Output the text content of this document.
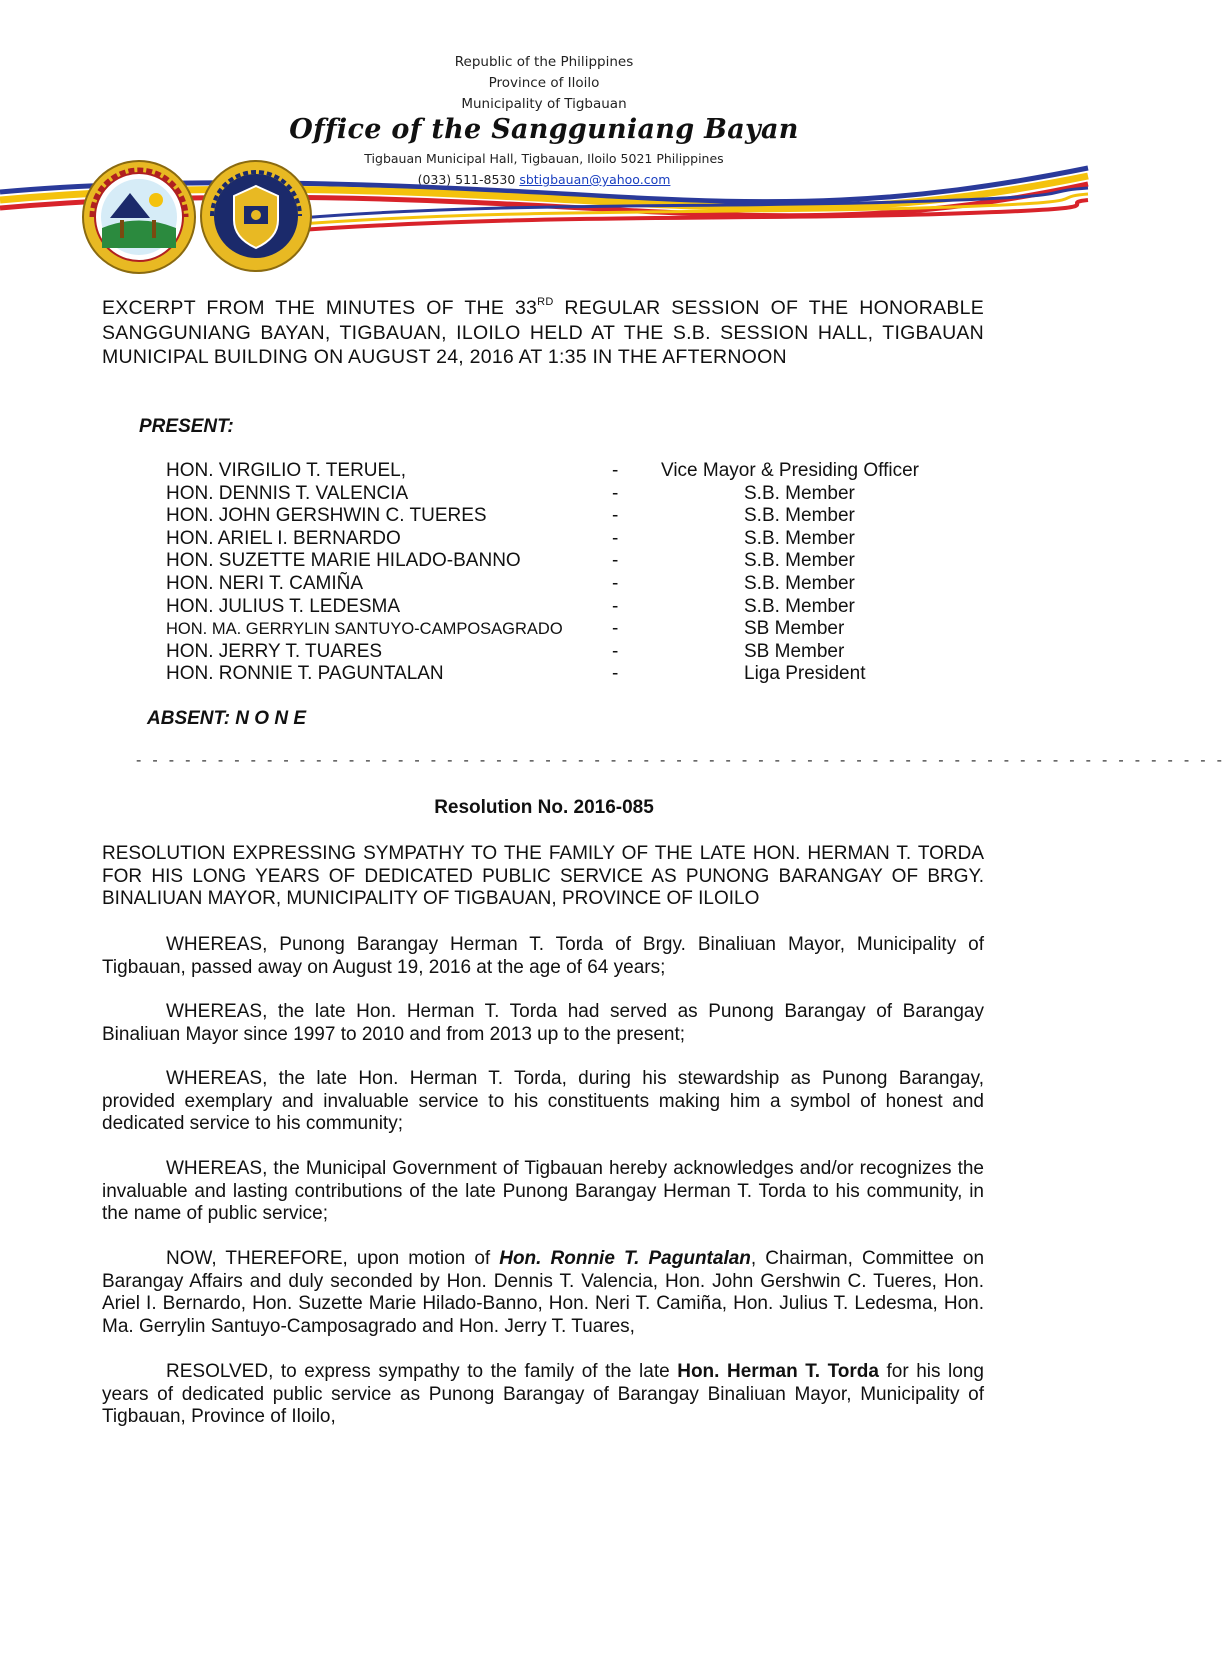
Republic of the Philippines
Province of Iloilo
Municipality of Tigbauan
Office of the Sangguniang Bayan
Tigbauan Municipal Hall, Tigbauan, Iloilo 5021 Philippines
(033) 511-8530 sbtigbauan@yahoo.com
EXCERPT FROM THE MINUTES OF THE 33RD REGULAR SESSION OF THE HONORABLE SANGGUNIANG BAYAN, TIGBAUAN, ILOILO HELD AT THE S.B. SESSION HALL, TIGBAUAN MUNICIPAL BUILDING ON AUGUST 24, 2016 AT 1:35 IN THE AFTERNOON
PRESENT:
HON. VIRGILIO T. TERUEL,	- Vice Mayor & Presiding Officer
HON. DENNIS T. VALENCIA	-	S.B. Member
HON. JOHN GERSHWIN C. TUERES	-	S.B. Member
HON. ARIEL I. BERNARDO	-	S.B. Member
HON. SUZETTE MARIE HILADO-BANNO	-	S.B. Member
HON. NERI T. CAMIÑA	-	S.B. Member
HON. JULIUS T. LEDESMA	-	S.B. Member
HON. MA. GERRYLIN SANTUYO-CAMPOSAGRADO	-	SB Member
HON. JERRY T. TUARES	-	SB Member
HON. RONNIE T. PAGUNTALAN	-	Liga President
ABSENT: N O N E
- - - - - - - - - - - - - - - - - - - - - - - - - - - - - - - - - - - - - - - - - - - - - - - - - - - - - - - - - - - - - - - - - - -
Resolution No. 2016-085
RESOLUTION EXPRESSING SYMPATHY TO THE FAMILY OF THE LATE HON. HERMAN T. TORDA FOR HIS LONG YEARS OF DEDICATED PUBLIC SERVICE AS PUNONG BARANGAY OF BRGY. BINALIUAN MAYOR, MUNICIPALITY OF TIGBAUAN, PROVINCE OF ILOILO
WHEREAS, Punong Barangay Herman T. Torda of Brgy. Binaliuan Mayor, Municipality of Tigbauan, passed away on August 19, 2016 at the age of 64 years;
WHEREAS, the late Hon. Herman T. Torda had served as Punong Barangay of Barangay Binaliuan Mayor since 1997 to 2010 and from 2013 up to the present;
WHEREAS, the late Hon. Herman T. Torda, during his stewardship as Punong Barangay, provided exemplary and invaluable service to his constituents making him a symbol of honest and dedicated service to his community;
WHEREAS, the Municipal Government of Tigbauan hereby acknowledges and/or recognizes the invaluable and lasting contributions of the late Punong Barangay Herman T. Torda to his community, in the name of public service;
NOW, THEREFORE, upon motion of Hon. Ronnie T. Paguntalan, Chairman, Committee on Barangay Affairs and duly seconded by Hon. Dennis T. Valencia, Hon. John Gershwin C. Tueres, Hon. Ariel I. Bernardo, Hon. Suzette Marie Hilado-Banno, Hon. Neri T. Camiña, Hon. Julius T. Ledesma, Hon. Ma. Gerrylin Santuyo-Camposagrado and Hon. Jerry T. Tuares,
RESOLVED, to express sympathy to the family of the late Hon. Herman T. Torda for his long years of dedicated public service as Punong Barangay of Barangay Binaliuan Mayor, Municipality of Tigbauan, Province of Iloilo,
